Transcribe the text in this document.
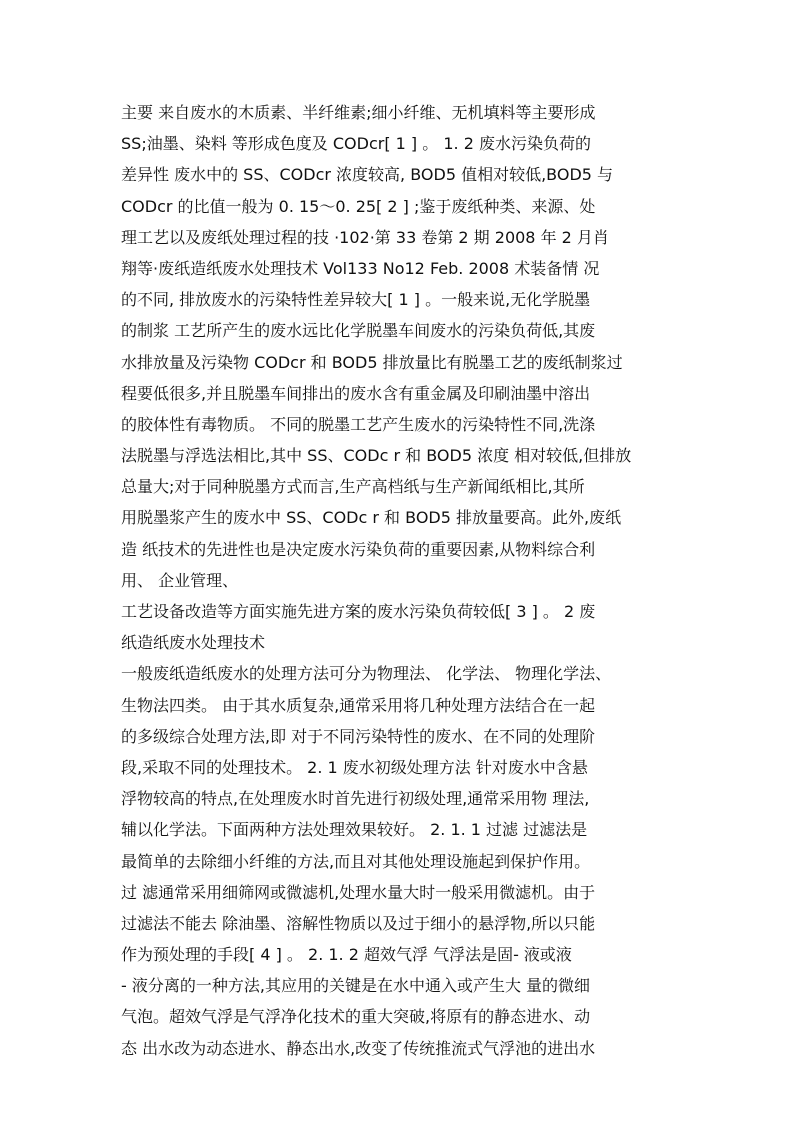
主要 来自废水的木质素、半纤维素;细小纤维、无机填料等主要形成
SS;油墨、染料 等形成色度及 CODcr[ 1 ] 。 1. 2 废水污染负荷的
差异性 废水中的 SS、CODcr 浓度较高, BOD5 值相对较低,BOD5 与
CODcr 的比值一般为 0. 15～0. 25[ 2 ] ;鉴于废纸种类、来源、处
理工艺以及废纸处理过程的技 ·102·第 33 卷第 2 期 2008 年 2 月肖
翔等·废纸造纸废水处理技术 Vol133 No12 Feb. 2008 术装备情 况
的不同, 排放废水的污染特性差异较大[ 1 ] 。一般来说,无化学脱墨
的制浆 工艺所产生的废水远比化学脱墨车间废水的污染负荷低,其废
水排放量及污染物 CODcr 和 BOD5 排放量比有脱墨工艺的废纸制浆过
程要低很多,并且脱墨车间排出的废水含有重金属及印刷油墨中溶出
的胶体性有毒物质。 不同的脱墨工艺产生废水的污染特性不同,洗涤
法脱墨与浮选法相比,其中 SS、CODc r 和 BOD5 浓度 相对较低,但排放
总量大;对于同种脱墨方式而言,生产高档纸与生产新闻纸相比,其所
用脱墨浆产生的废水中 SS、CODc r 和 BOD5 排放量要高。此外,废纸
造 纸技术的先进性也是决定废水污染负荷的重要因素,从物料综合利
用、 企业管理、
工艺设备改造等方面实施先进方案的废水污染负荷较低[ 3 ] 。 2 废
纸造纸废水处理技术
一般废纸造纸废水的处理方法可分为物理法、 化学法、 物理化学法、
生物法四类。 由于其水质复杂,通常采用将几种处理方法结合在一起
的多级综合处理方法,即 对于不同污染特性的废水、在不同的处理阶
段,采取不同的处理技术。 2. 1 废水初级处理方法 针对废水中含悬
浮物较高的特点,在处理废水时首先进行初级处理,通常采用物 理法,
辅以化学法。下面两种方法处理效果较好。 2. 1. 1 过滤 过滤法是
最简单的去除细小纤维的方法,而且对其他处理设施起到保护作用。
过 滤通常采用细筛网或微滤机,处理水量大时一般采用微滤机。由于
过滤法不能去 除油墨、溶解性物质以及过于细小的悬浮物,所以只能
作为预处理的手段[ 4 ] 。 2. 1. 2 超效气浮 气浮法是固- 液或液
- 液分离的一种方法,其应用的关键是在水中通入或产生大 量的微细
气泡。超效气浮是气浮净化技术的重大突破,将原有的静态进水、动
态 出水改为动态进水、静态出水,改变了传统推流式气浮池的进出水
